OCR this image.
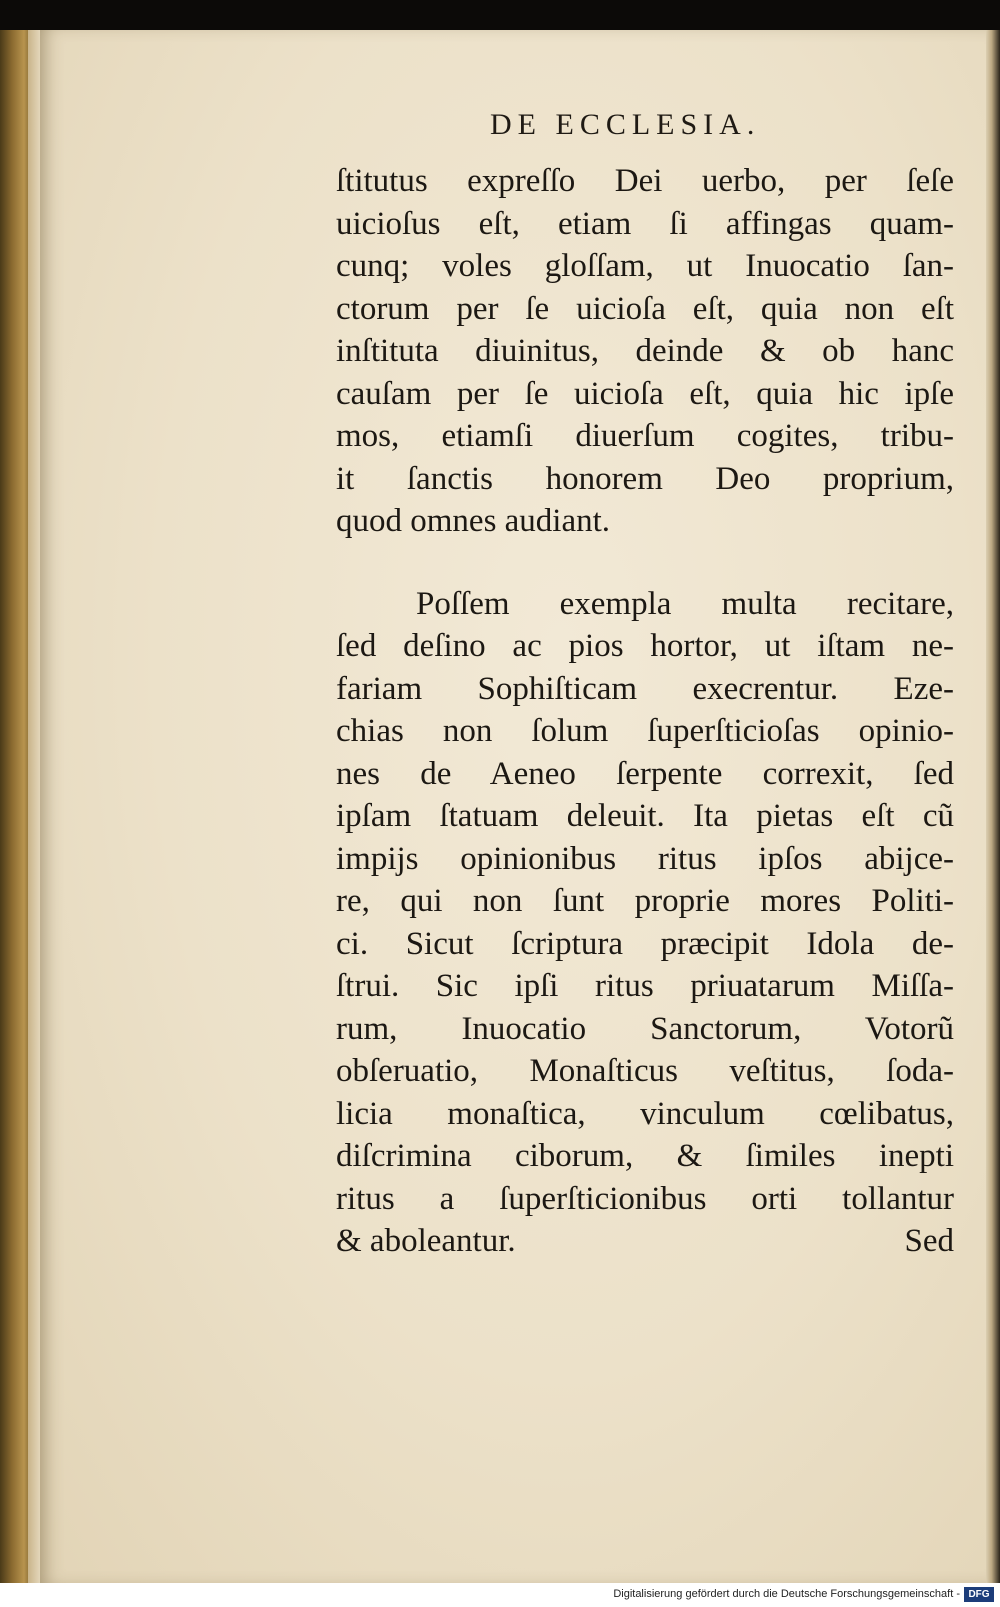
DE ECCLESIA.
ſtitutus expreſſo Dei uerbo, per ſeſe
uicioſus eſt, etiam ſi affingas quam-
cunq; voles gloſſam, ut Inuocatio ſan-
ctorum per ſe uicioſa eſt, quia non eſt
inſtituta diuinitus, deinde & ob hanc
cauſam per ſe uicioſa eſt, quia hic ipſe
mos, etiamſi diuerſum cogites, tribu-
it ſanctis honorem Deo proprium,
quod omnes audiant.
Poſſem exempla multa recitare,
ſed deſino ac pios hortor, ut iſtam ne-
fariam Sophiſticam execrentur. Eze-
chias non ſolum ſuperſticioſas opinio-
nes de Aeneo ſerpente correxit, ſed
ipſam ſtatuam deleuit. Ita pietas eſt cũ
impijs opinionibus ritus ipſos abijce-
re, qui non ſunt proprie mores Politi-
ci. Sicut ſcriptura præcipit Idola de-
ſtrui. Sic ipſi ritus priuatarum Miſſa-
rum, Inuocatio Sanctorum, Votorũ
obſeruatio, Monaſticus veſtitus, ſoda-
licia monaſtica, vinculum cœlibatus,
diſcrimina ciborum, & ſimiles inepti
ritus a ſuperſticionibus orti tollantur
& aboleantur.	Sed
Digitalisierung gefördert durch die Deutsche Forschungsgemeinschaft - DFG
